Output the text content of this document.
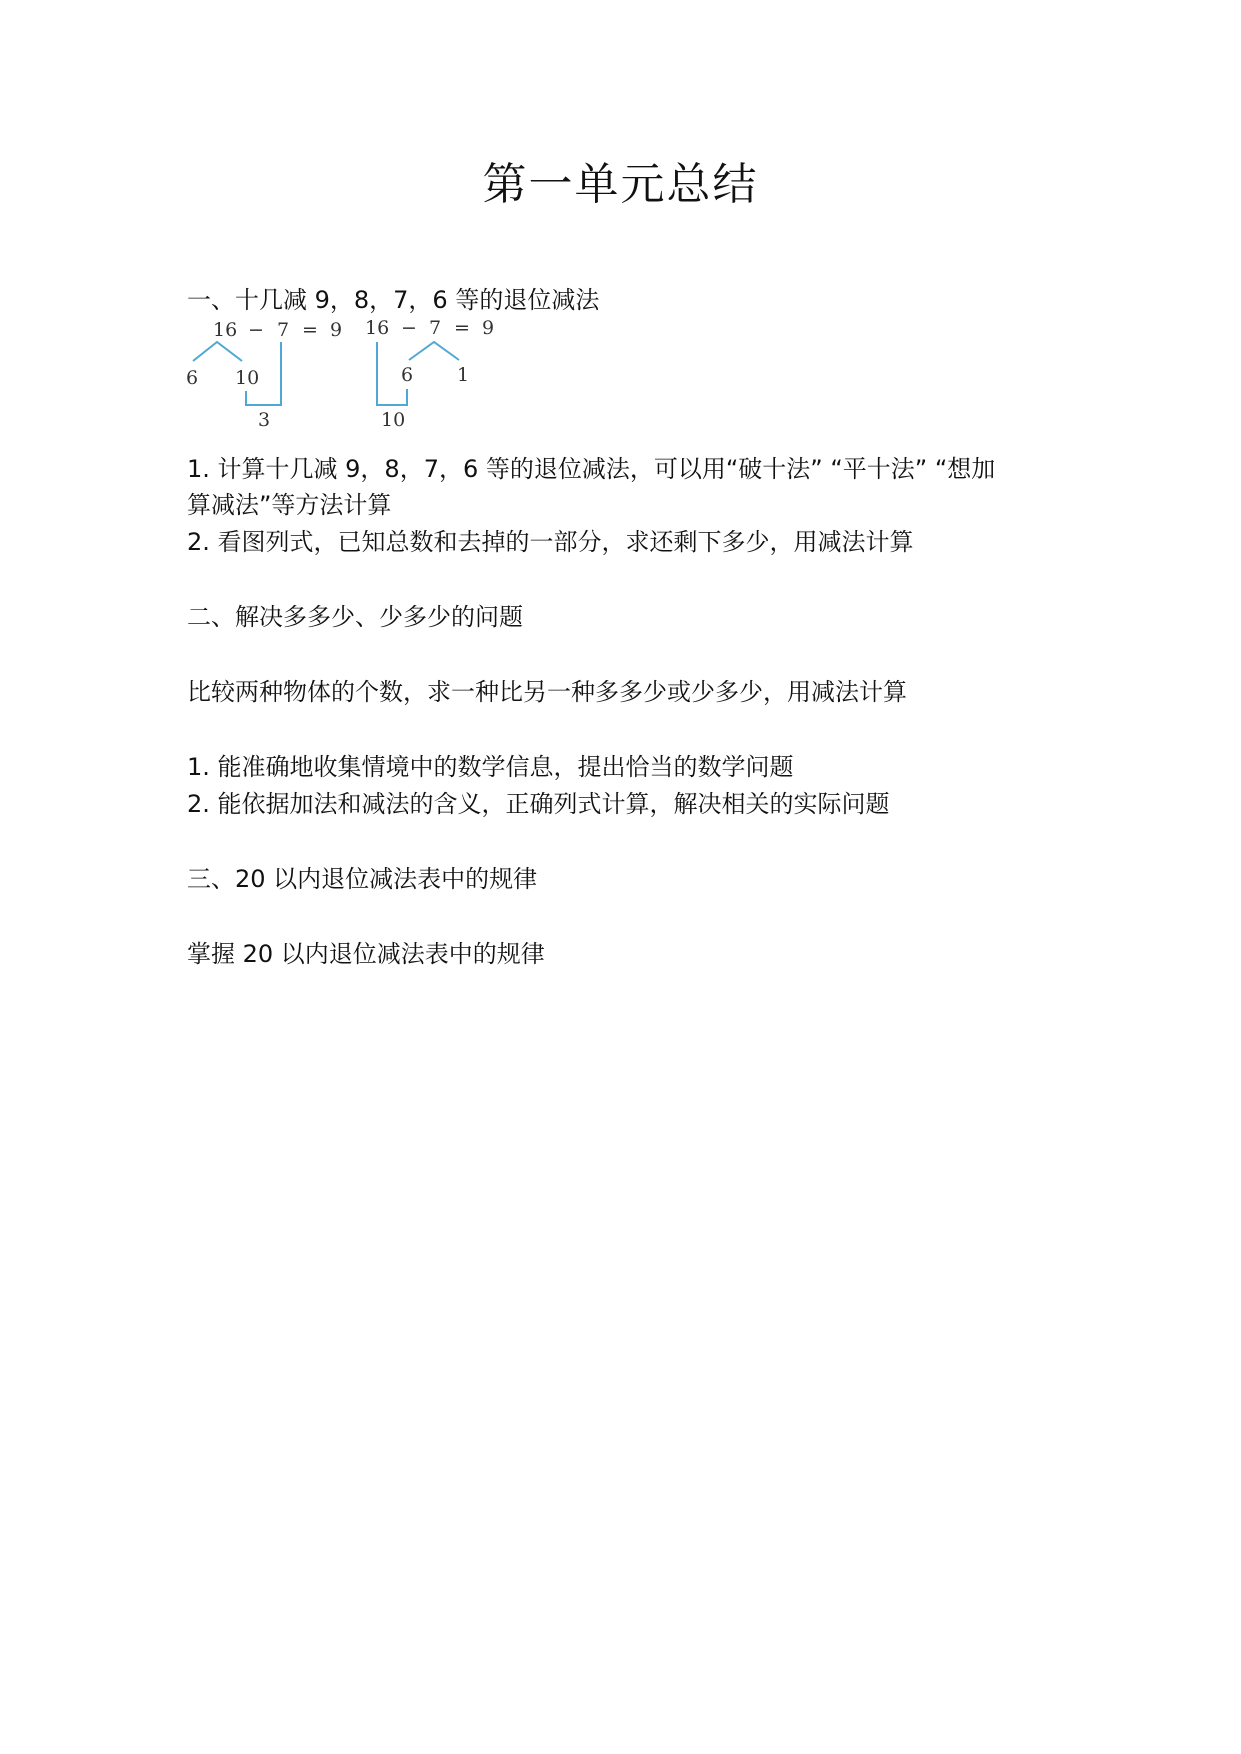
第一单元总结
一、十几减 9，8，7，6 等的退位减法
16 − 7 = 9
6 10
3
16 − 7 = 9
6 1
10
1. 计算十几减 9，8，7，6 等的退位减法，可以用“破十法” “平十法” “想加
算减法”等方法计算
2. 看图列式，已知总数和去掉的一部分，求还剩下多少，用减法计算
二、解决多多少、少多少的问题
比较两种物体的个数，求一种比另一种多多少或少多少，用减法计算
1. 能准确地收集情境中的数学信息，提出恰当的数学问题
2. 能依据加法和减法的含义，正确列式计算，解决相关的实际问题
三、20 以内退位减法表中的规律
掌握 20 以内退位减法表中的规律
